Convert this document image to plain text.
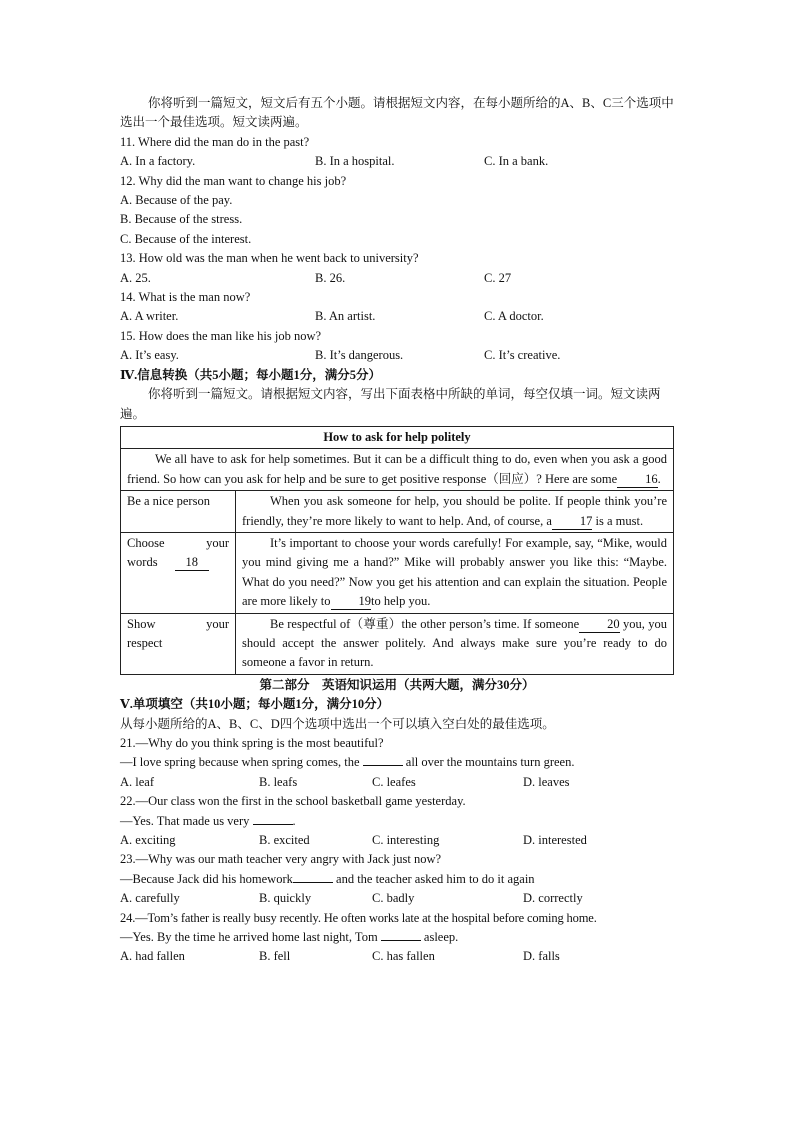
你将听到一篇短文，短文后有五个小题。请根据短文内容，在每小题所给的A、B、C三个选项中选出一个最佳选项。短文读两遍。

11. Where did the man do in the past?

A. In a factory.	B. In a hospital.	C. In a bank.

12. Why did the man want to change his job?

A. Because of the pay.

B. Because of the stress.

C. Because of the interest.

13. How old was the man when he went back to university?

A. 25.	B. 26.	C. 27

14. What is the man now?

A. A writer.	B. An artist.	C. A doctor.

15. How does the man like his job now?

A. It’s easy.	B. It’s dangerous.	C. It’s creative.

Ⅳ.信息转换（共5小题；每小题1分，满分5分）

你将听到一篇短文。请根据短文内容，写出下面表格中所缺的单词，每空仅填一词。短文读两遍。

How to ask for help politely	
We all have to ask for help sometimes. But it can be a difficult thing to do, even when you ask a good friend. So how can you ask for help and be sure to get positive response（回应）? Here are some 16.	
Be a nice person	When you ask someone for help, you should be polite. If people think you’re friendly, they’re more likely to want to help. And, of course, a 17 is a must.

Choose your
words 18	It’s important to choose your words carefully! For example, say, “Mike, would you mind giving me a hand?” Mike will probably answer you like this: “Maybe. What do you need?” Now you get his attention and can explain the situation. People are more likely to 19to help you.

Show your
respect	Be respectful of（尊重）the other person’s time. If someone 20 you, you should accept the answer politely. And always make sure you’re ready to do someone a favor in return.

第二部分　英语知识运用（共两大题，满分30分）

Ⅴ.单项填空（共10小题；每小题1分，满分10分）

从每小题所给的A、B、C、D四个选项中选出一个可以填入空白处的最佳选项。

21.—Why do you think spring is the most beautiful?

—I love spring because when spring comes, the	all over the mountains turn green.

A. leaf	B. leafs	C. leafes	D. leaves

22.—Our class won the first in the school basketball game yesterday.

—Yes. That made us very	.

A. exciting	B. excited	C. interesting	D. interested

23.—Why was our math teacher very angry with Jack just now?

—Because Jack did his homework	and the teacher asked him to do it again

A. carefully	B. quickly	C. badly	D. correctly

24.—Tom’s father is really busy recently. He often works late at the hospital before coming home.

—Yes. By the time he arrived home last night, Tom	asleep.

A. had fallen	B. fell	C. has fallen	D. falls
